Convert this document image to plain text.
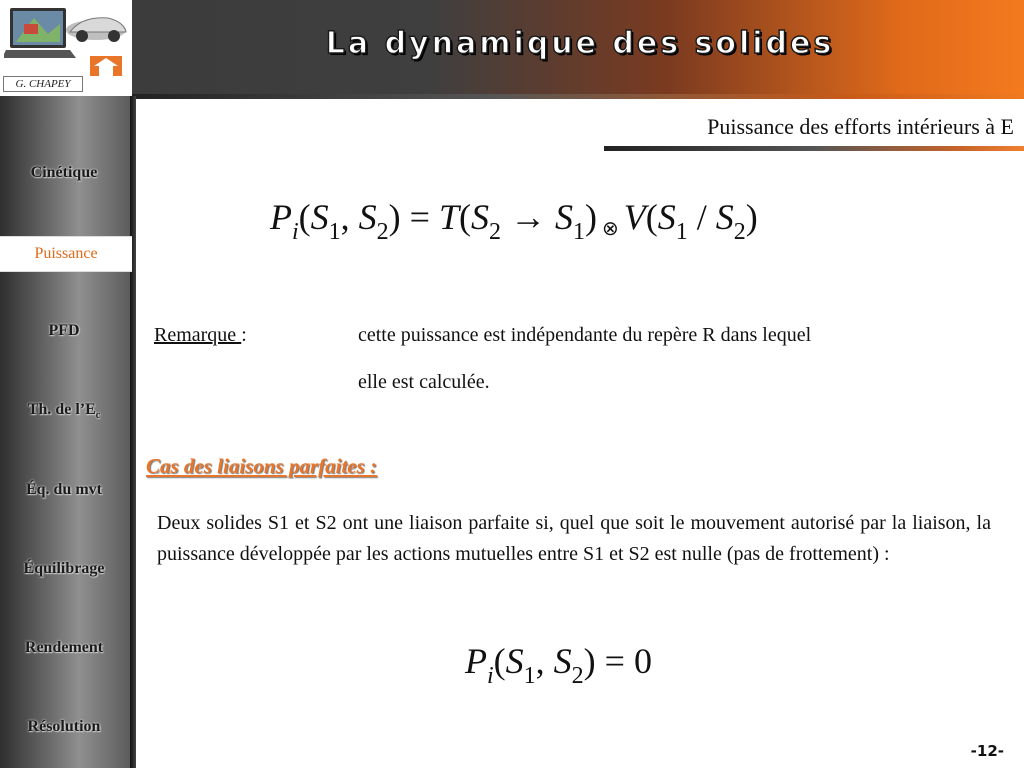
G. CHAPEY
La dynamique des solides
Cinétique
Puissance
PFD
Th. de $l’E_c$
Éq. du mvt
Équilibrage
Rendement
Résolution
Puissance des efforts intérieurs à E
$P_i(S_1$, $S_2) = T(S_2 \to S_1)$ ⊗ $V(S_1 / S_2)$
Remarque :	cette puissance est indépendante du repère R dans lequel
elle est calculée.
Cas des liaisons parfaites :
Deux solides S1 et S2 ont une liaison parfaite si, quel que soit le mouvement autorisé par la liaison, la puissance développée par les actions mutuelles entre S1 et S2 est nulle (pas de frottement) :
$P_i(S_1$, $S_2) = 0$
-12-
